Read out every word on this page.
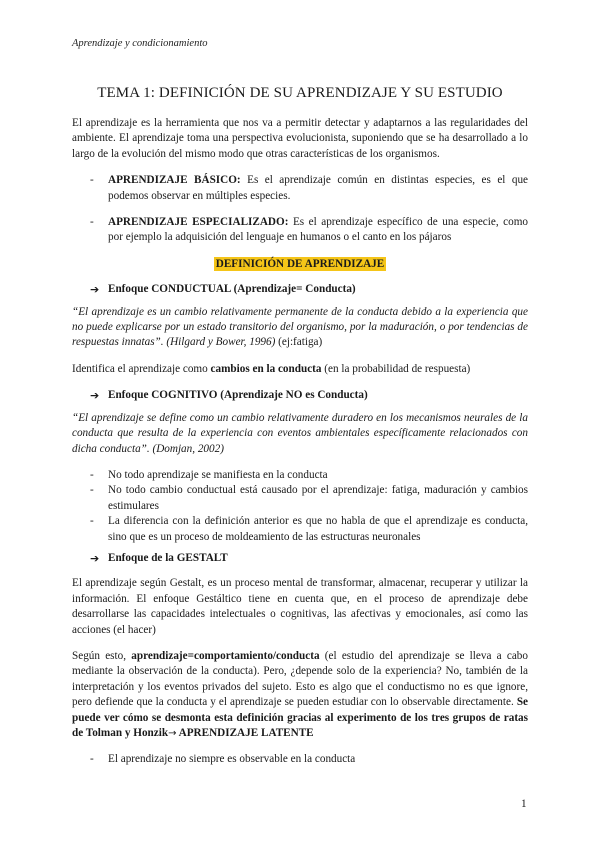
Aprendizaje y condicionamiento
TEMA 1: DEFINICIÓN DE SU APRENDIZAJE Y SU ESTUDIO

El aprendizaje es la herramienta que nos va a permitir detectar y adaptarnos a las regularidades del ambiente. El aprendizaje toma una perspectiva evolucionista, suponiendo que se ha desarrollado a lo largo de la evolución del mismo modo que otras características de los organismos.

- APRENDIZAJE BÁSICO: Es el aprendizaje común en distintas especies, es el que podemos observar en múltiples especies.
- APRENDIZAJE ESPECIALIZADO: Es el aprendizaje específico de una especie, como por ejemplo la adquisición del lenguaje en humanos o el canto en los pájaros
DEFINICIÓN DE APRENDIZAJE
➔ Enfoque CONDUCTUAL (Aprendizaje= Conducta)

“El aprendizaje es un cambio relativamente permanente de la conducta debido a la experiencia que no puede explicarse por un estado transitorio del organismo, por la maduración, o por tendencias de respuestas innatas”. (Hilgard y Bower, 1996) (ej:fatiga)

Identifica el aprendizaje como cambios en la conducta (en la probabilidad de respuesta)

➔ Enfoque COGNITIVO (Aprendizaje NO es Conducta)

“El aprendizaje se define como un cambio relativamente duradero en los mecanismos neurales de la conducta que resulta de la experiencia con eventos ambientales específicamente relacionados con dicha conducta”. (Domjan, 2002)

- No todo aprendizaje se manifiesta en la conducta
- No todo cambio conductual está causado por el aprendizaje: fatiga, maduración y cambios estimulares
- La diferencia con la definición anterior es que no habla de que el aprendizaje es conducta, sino que es un proceso de moldeamiento de las estructuras neuronales
➔ Enfoque de la GESTALT

El aprendizaje según Gestalt, es un proceso mental de transformar, almacenar, recuperar y utilizar la información. El enfoque Gestáltico tiene en cuenta que, en el proceso de aprendizaje debe desarrollarse las capacidades intelectuales o cognitivas, las afectivas y emocionales, así como las acciones (el hacer)

Según esto, aprendizaje=comportamiento/conducta (el estudio del aprendizaje se lleva a cabo mediante la observación de la conducta). Pero, ¿depende solo de la experiencia? No, también de la interpretación y los eventos privados del sujeto. Esto es algo que el conductismo no es que ignore, pero defiende que la conducta y el aprendizaje se pueden estudiar con lo observable directamente. Se puede ver cómo se desmonta esta definición gracias al experimento de los tres grupos de ratas de Tolman y Honzik→ APRENDIZAJE LATENTE

- El aprendizaje no siempre es observable en la conducta
1
